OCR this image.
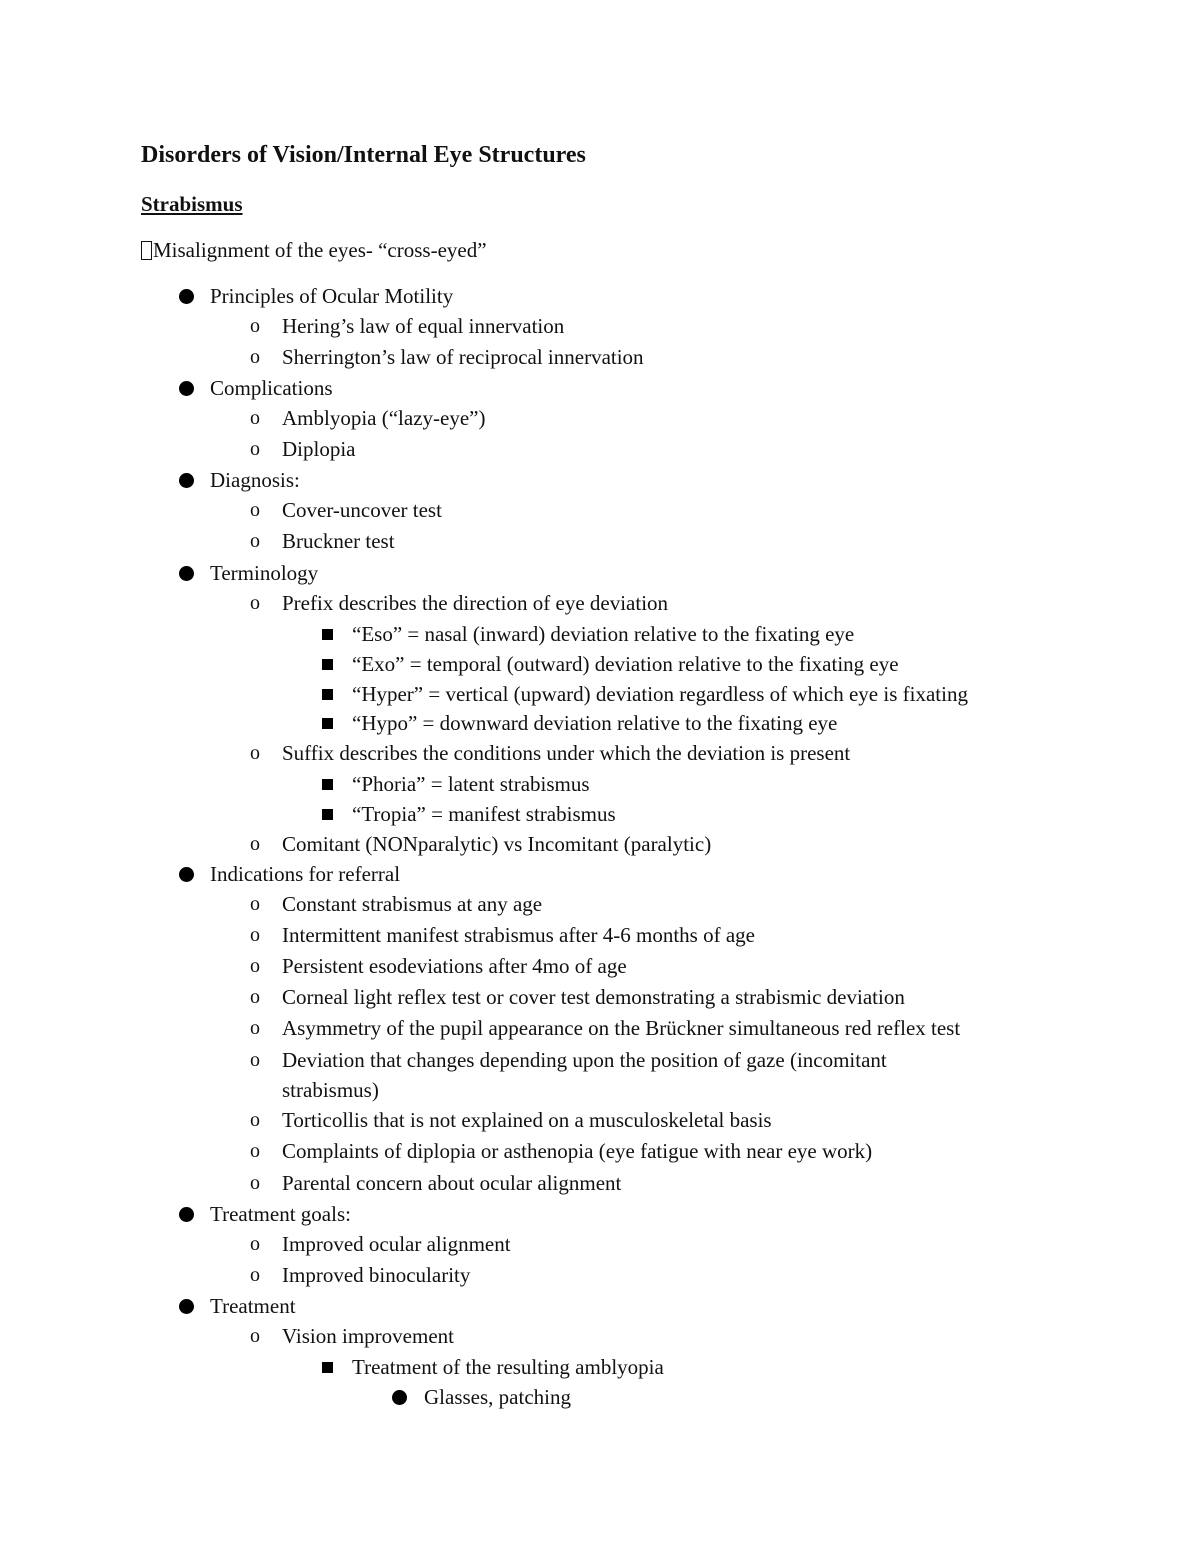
Disorders of Vision/Internal Eye Structures
Strabismus
Misalignment of the eyes- “cross-eyed”
Principles of Ocular Motility
o Hering’s law of equal innervation
o Sherrington’s law of reciprocal innervation
Complications
o Amblyopia (“lazy-eye”)
o Diplopia
Diagnosis:
o Cover-uncover test
o Bruckner test
Terminology
o Prefix describes the direction of eye deviation
“Eso” = nasal (inward) deviation relative to the fixating eye
“Exo” = temporal (outward) deviation relative to the fixating eye
“Hyper” = vertical (upward) deviation regardless of which eye is fixating
“Hypo” = downward deviation relative to the fixating eye
o Suffix describes the conditions under which the deviation is present
“Phoria” = latent strabismus
“Tropia” = manifest strabismus
o Comitant (NONparalytic) vs Incomitant (paralytic)
Indications for referral
o Constant strabismus at any age
o Intermittent manifest strabismus after 4-6 months of age
o Persistent esodeviations after 4mo of age
o Corneal light reflex test or cover test demonstrating a strabismic deviation
o Asymmetry of the pupil appearance on the Brückner simultaneous red reflex test
o Deviation that changes depending upon the position of gaze (incomitant
strabismus)
o Torticollis that is not explained on a musculoskeletal basis
o Complaints of diplopia or asthenopia (eye fatigue with near eye work)
o Parental concern about ocular alignment
Treatment goals:
o Improved ocular alignment
o Improved binocularity
Treatment
o Vision improvement
Treatment of the resulting amblyopia
Glasses, patching
